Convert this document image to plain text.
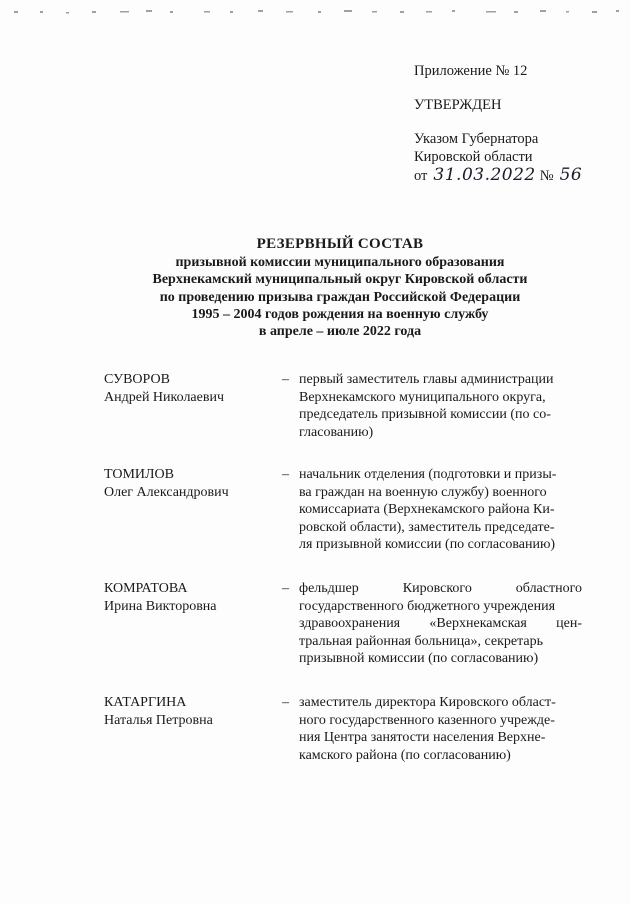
Приложение № 12
УТВЕРЖДЕН
Указом Губернатора
Кировской области
от 31.03.2022 № 56
РЕЗЕРВНЫЙ СОСТАВ
призывной комиссии муниципального образования
Верхнекамский муниципальный округ Кировской области
по проведению призыва граждан Российской Федерации
1995 – 2004 годов рождения на военную службу
в апреле – июле 2022 года
СУВОРОВ
Андрей Николаевич
– первый заместитель главы администрации
Верхнекамского муниципального округа,
председатель призывной комиссии (по со-
гласованию)
ТОМИЛОВ
Олег Александрович
– начальник отделения (подготовки и призы-
ва граждан на военную службу) военного
комиссариата (Верхнекамского района Ки-
ровской области), заместитель председате-
ля призывной комиссии (по согласованию)
КОМРАТОВА
Ирина Викторовна
– фельдшер Кировского областного
государственного бюджетного учреждения
здравоохранения «Верхнекамская цен-
тральная районная больница», секретарь
призывной комиссии (по согласованию)
КАТАРГИНА
Наталья Петровна
– заместитель директора Кировского област-
ного государственного казенного учрежде-
ния Центра занятости населения Верхне-
камского района (по согласованию)
